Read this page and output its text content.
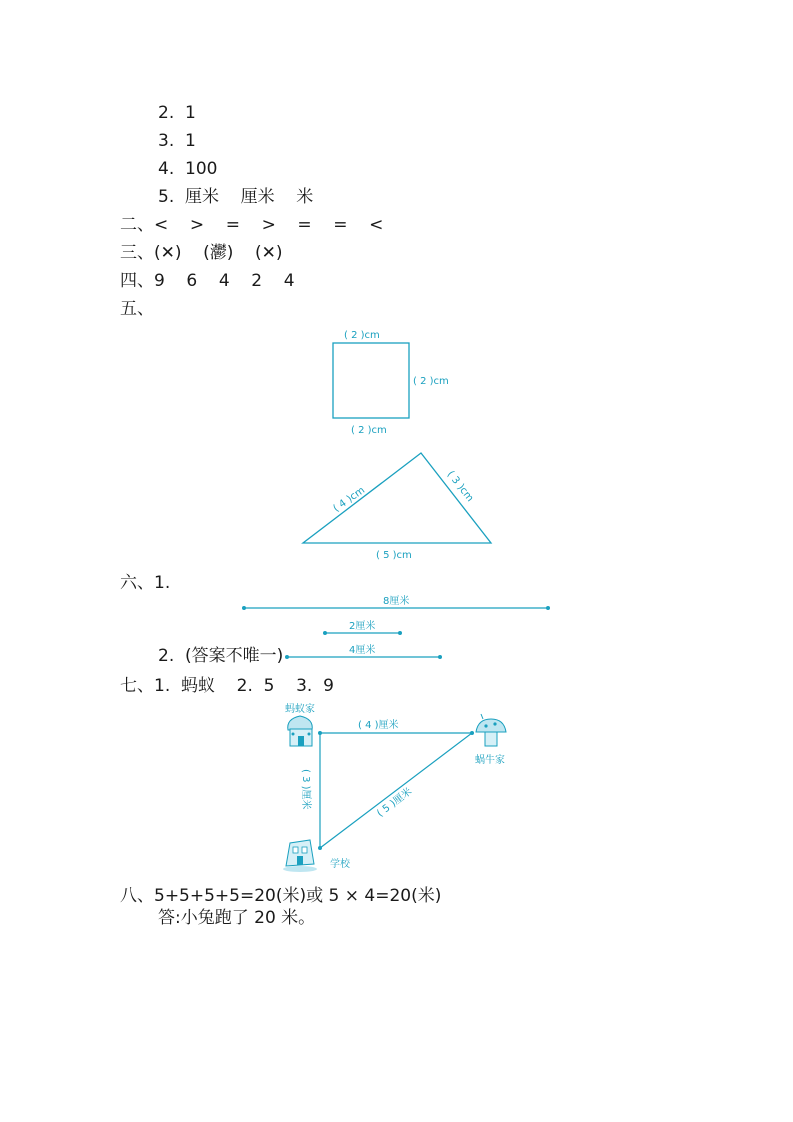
2.  1
3.  1
4.  100
5.  厘米    厘米    米
二、<    >    =    >    =    =    <
三、(✕)    (灪)    (✕)
四、9    6    4    2    4
五、
六、1.
2.  (答案不唯一)
七、1.  蚂蚁    2.  5    3.  9
八、5+5+5+5=20(米)或 5 × 4=20(米)
答:小兔跑了 20 米。
( 2 )cm
( 2 )cm
( 2 )cm
( 4 )cm	( 3 )cm
( 5 )cm
8厘米
2厘米
4厘米
蚂蚁家
蜗牛家
学校
( 4 )厘米
( 3 )厘米	( 5 )厘米
